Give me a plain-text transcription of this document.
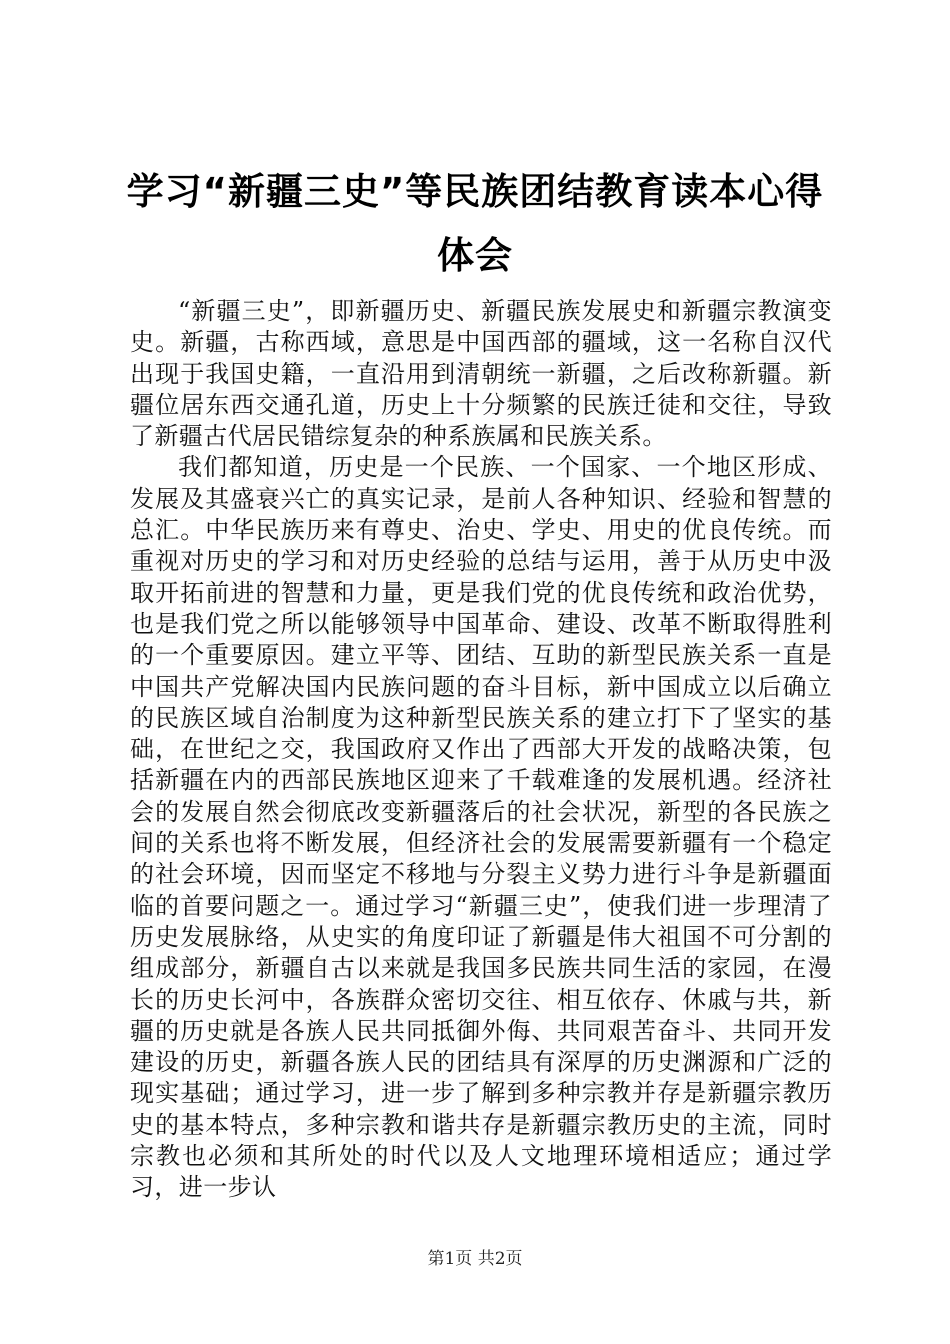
学习“新疆三史”等民族团结教育读本心得体会

“新疆三史”，即新疆历史、新疆民族发展史和新疆宗教演变史。新疆，古称西域，意思是中国西部的疆域，这一名称自汉代出现于我国史籍，一直沿用到清朝统一新疆，之后改称新疆。新疆位居东西交通孔道，历史上十分频繁的民族迁徒和交往，导致了新疆古代居民错综复杂的种系族属和民族关系。

我们都知道，历史是一个民族、一个国家、一个地区形成、发展及其盛衰兴亡的真实记录，是前人各种知识、经验和智慧的总汇。中华民族历来有尊史、治史、学史、用史的优良传统。而重视对历史的学习和对历史经验的总结与运用，善于从历史中汲取开拓前进的智慧和力量，更是我们党的优良传统和政治优势，也是我们党之所以能够领导中国革命、建设、改革不断取得胜利的一个重要原因。建立平等、团结、互助的新型民族关系一直是中国共产党解决国内民族问题的奋斗目标，新中国成立以后确立的民族区域自治制度为这种新型民族关系的建立打下了坚实的基础，在世纪之交，我国政府又作出了西部大开发的战略决策，包括新疆在内的西部民族地区迎来了千载难逢的发展机遇。经济社会的发展自然会彻底改变新疆落后的社会状况，新型的各民族之间的关系也将不断发展，但经济社会的发展需要新疆有一个稳定的社会环境，因而坚定不移地与分裂主义势力进行斗争是新疆面临的首要问题之一。通过学习“新疆三史”，使我们进一步理清了历史发展脉络，从史实的角度印证了新疆是伟大祖国不可分割的组成部分，新疆自古以来就是我国多民族共同生活的家园，在漫长的历史长河中，各族群众密切交往、相互依存、休戚与共，新疆的历史就是各族人民共同抵御外侮、共同艰苦奋斗、共同开发建设的历史，新疆各族人民的团结具有深厚的历史渊源和广泛的现实基础；通过学习，进一步了解到多种宗教并存是新疆宗教历史的基本特点，多种宗教和谐共存是新疆宗教历史的主流，同时宗教也必须和其所处的时代以及人文地理环境相适应；通过学习，进一步认

第1页 共2页
